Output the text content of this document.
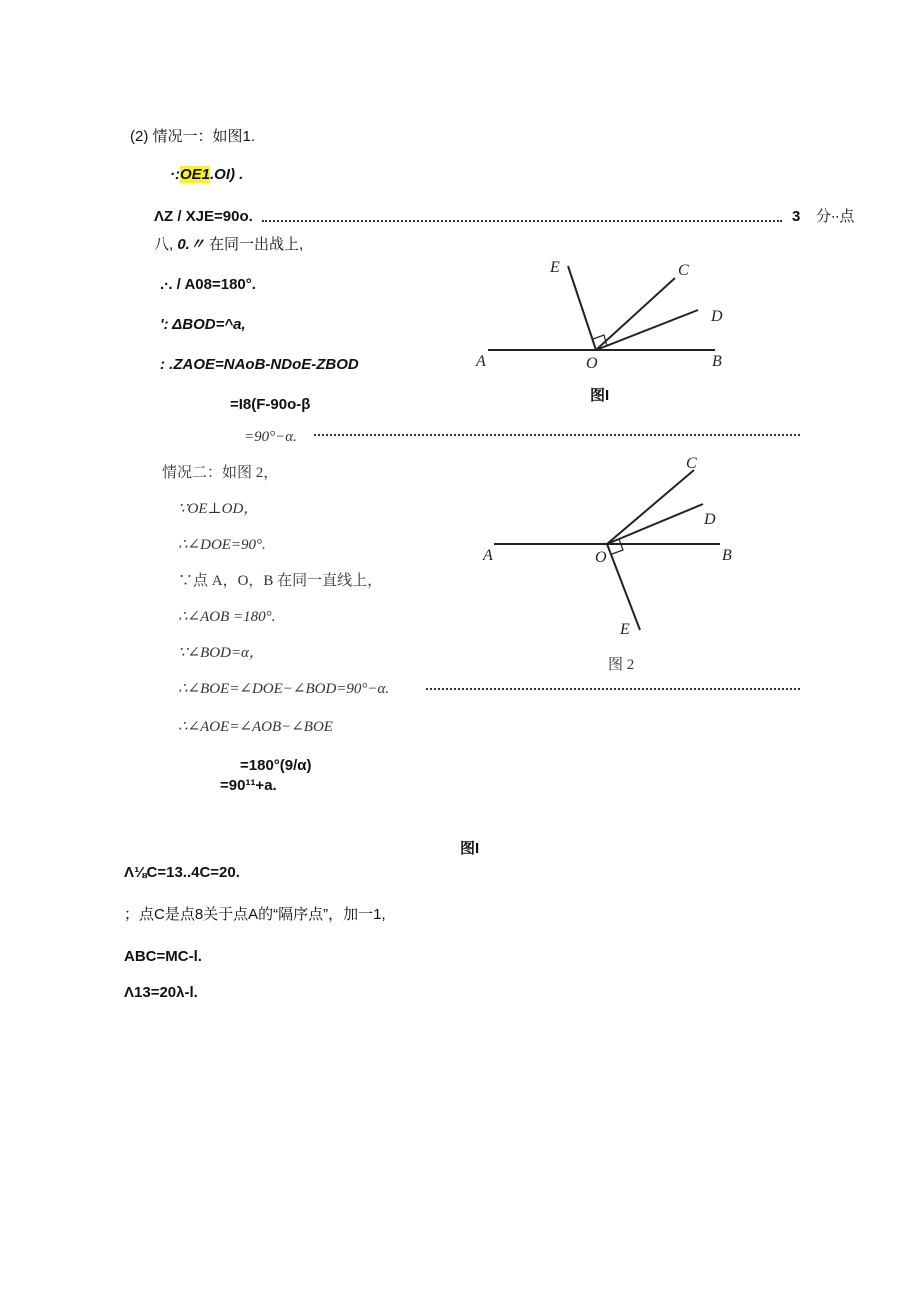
(2) 情况一：如图1.
·:OE1.OI) .
ΛZ / XJE=90o.	3 分∙∙点
八, 0.〃 在同一出战上,
.∙. / A08=180°.
': ΔBOD=^a,
: .ZAOE=NAoB-NDoE-ZBOD
=I8(F-90o-β
=90°−α.
E	C
D
A	O	B
图I
情况二：如图 2，
∵OE⊥OD，
∴∠DOE=90°.
∵点 A，O，B 在同一直线上，
∴∠AOB =180°.
∵∠BOD=α，
∴∠BOE=∠DOE−∠BOD=90°−α.
∴∠AOE=∠AOB−∠BOE
=180°(9/α)
=90¹¹+a.
C
D
A	O	B
E
图 2
图I
Λ⅛C=13..4C=20.
；点C是点8关于点A的“隔序点”，加一1,
ABC=MC-l.
Λ13=20λ-l.
